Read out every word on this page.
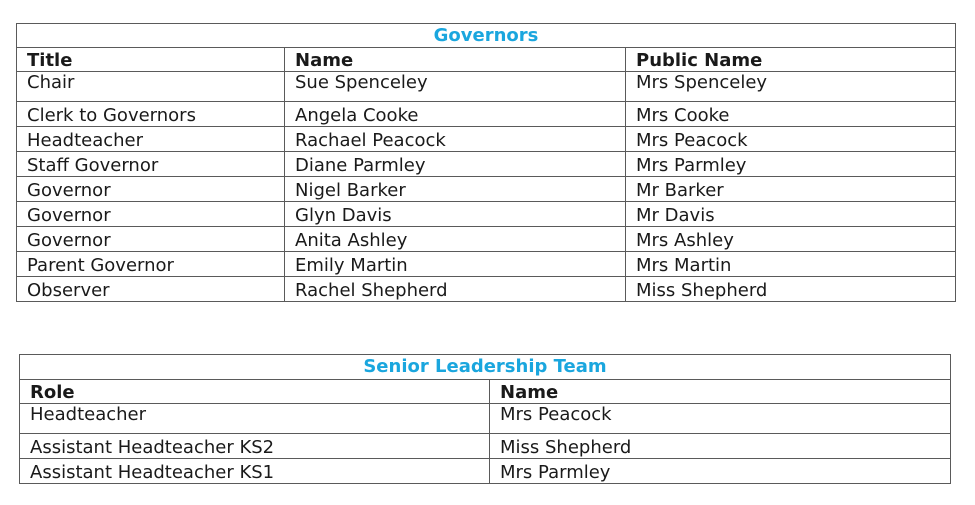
Governors		
Title	Name	Public Name
Chair	Sue Spenceley	Mrs Spenceley
Clerk to Governors	Angela Cooke	Mrs Cooke
Headteacher	Rachael Peacock	Mrs Peacock
Staff Governor	Diane Parmley	Mrs Parmley
Governor	Nigel Barker	Mr Barker
Governor	Glyn Davis	Mr Davis
Governor	Anita Ashley	Mrs Ashley
Parent Governor	Emily Martin	Mrs Martin
Observer	Rachel Shepherd	Miss Shepherd
Senior Leadership Team	
Role	Name
Headteacher	Mrs Peacock
Assistant Headteacher KS2	Miss Shepherd
Assistant Headteacher KS1	Mrs Parmley
